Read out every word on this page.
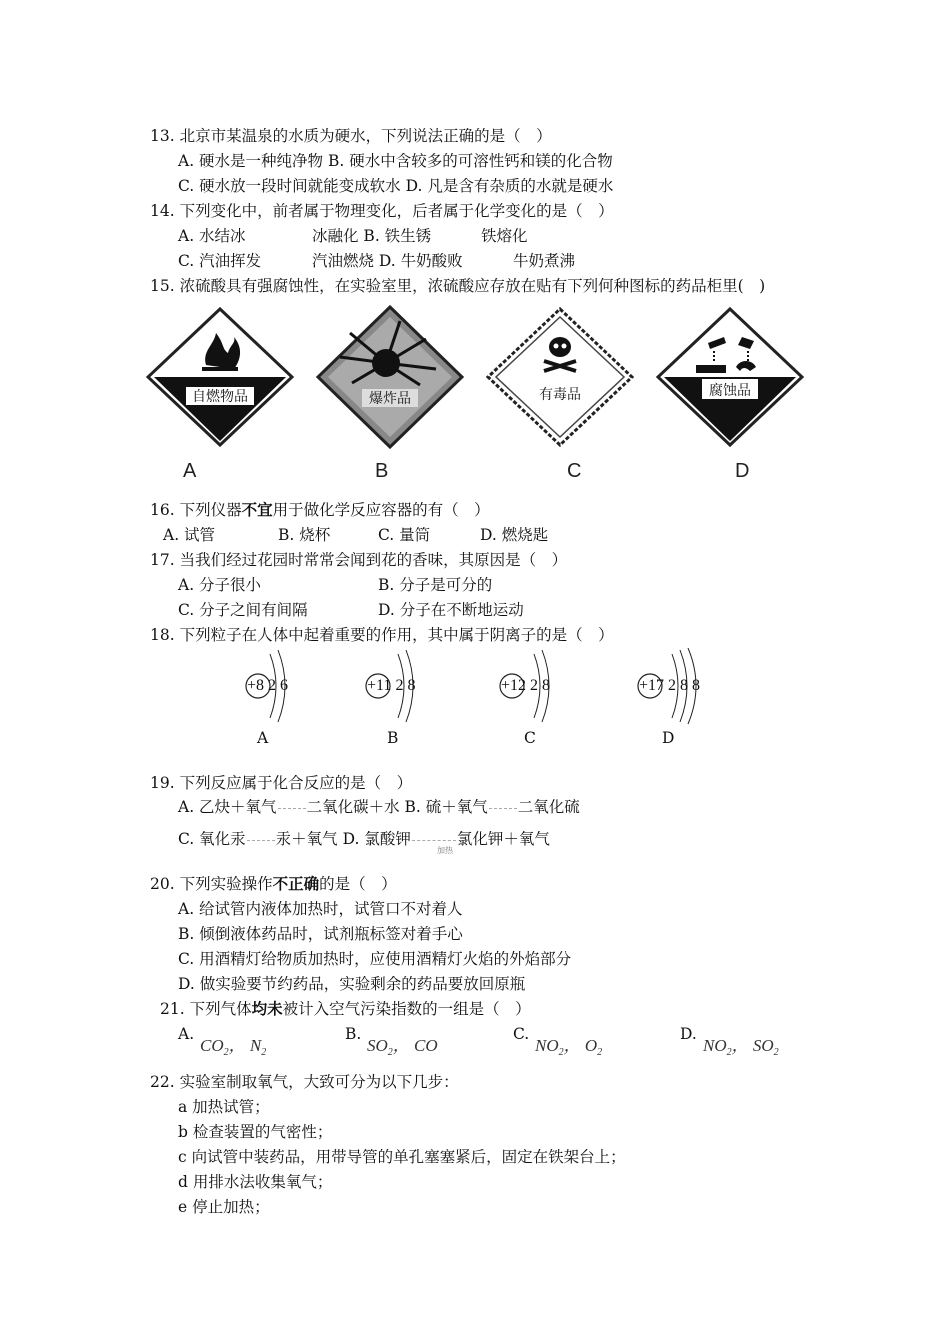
13. 北京市某温泉的水质为硬水，下列说法正确的是（　）
A. 硬水是一种纯净物 B. 硬水中含较多的可溶性钙和镁的化合物
C. 硬水放一段时间就能变成软水 D. 凡是含有杂质的水就是硬水
14. 下列变化中，前者属于物理变化，后者属于化学变化的是（　）
A. 水结冰	冰融化 B. 铁生锈	铁熔化
C. 汽油挥发	汽油燃烧 D. 牛奶酸败	牛奶煮沸
15. 浓硫酸具有强腐蚀性，在实验室里，浓硫酸应存放在贴有下列何种图标的药品柜里(　)
自燃物品	爆炸品	有毒品	腐蚀品
A	B	C	D
16. 下列仪器不宜用于做化学反应容器的有（　）
A. 试管	B. 烧杯	C. 量筒	D. 燃烧匙
17. 当我们经过花园时常常会闻到花的香味，其原因是（　）
A. 分子很小	B. 分子是可分的
C. 分子之间有间隔	D. 分子在不断地运动
18. 下列粒子在人体中起着重要的作用，其中属于阴离子的是（　）
+8 2 6	+11 2 8	+12 2 8	+17 2 8 8
A	B	C	D
19. 下列反应属于化合反应的是（　）
A. 乙炔＋氧气 二氧化碳＋水 B. 硫＋氧气 二氧化硫
C. 氧化汞 汞＋氧气 D. 氯酸钾	氯化钾＋氧气
加热
20. 下列实验操作不正确的是（　）
A. 给试管内液体加热时，试管口不对着人
B. 倾倒液体药品时，试剂瓶标签对着手心
C. 用酒精灯给物质加热时，应使用酒精灯火焰的外焰部分
D. 做实验要节约药品，实验剩余的药品要放回原瓶
21. 下列气体均未被计入空气污染指数的一组是（　）
A.
$CO_2$， $N_2$
B.
$SO_2$， CO
C.
$NO_2$， $O_2$
D.
$NO_2$， $SO_2$
22. 实验室制取氧气，大致可分为以下几步：
a 加热试管；
b 检查装置的气密性；
c 向试管中装药品，用带导管的单孔塞塞紧后，固定在铁架台上；
d 用排水法收集氧气；
e 停止加热；
